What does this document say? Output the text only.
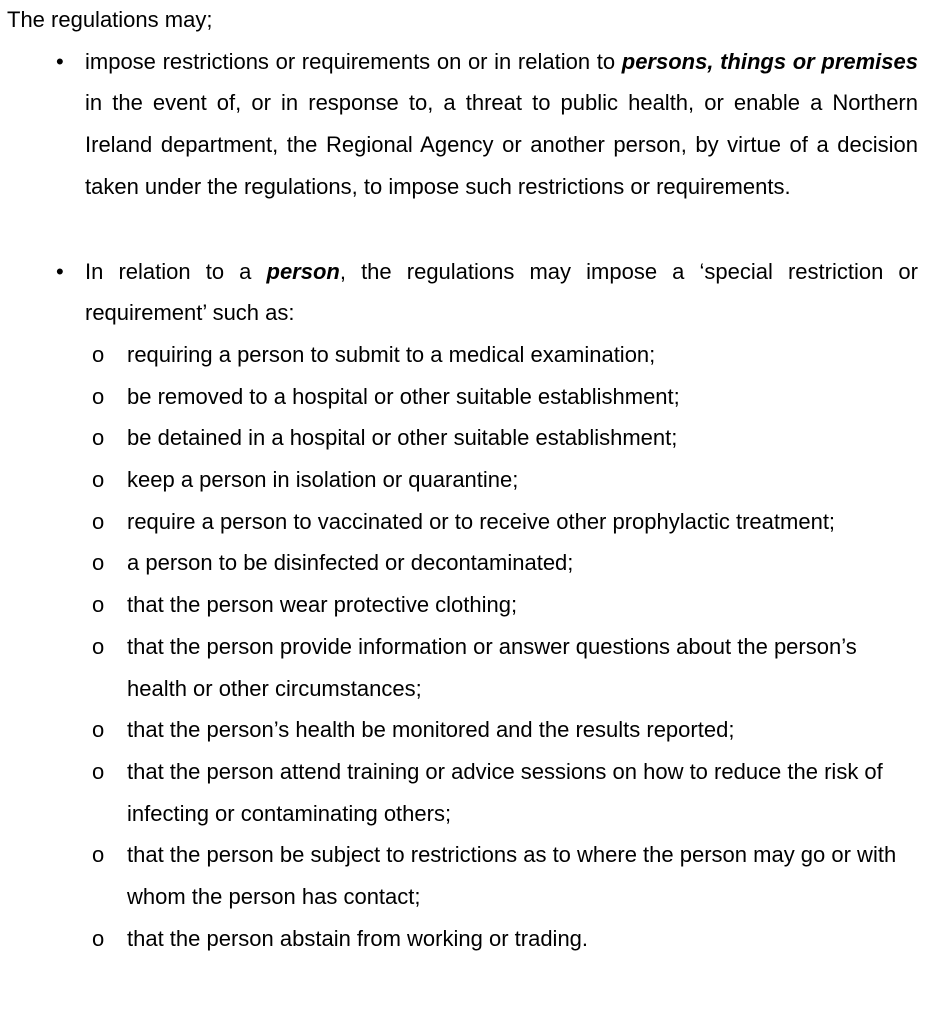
The regulations may;

• impose restrictions or requirements on or in relation to persons, things or premises in the event of, or in response to, a threat to public health, or enable a Northern Ireland department, the Regional Agency or another person, by virtue of a decision taken under the regulations, to impose such restrictions or requirements.

• In relation to a person, the regulations may impose a ‘special restriction or requirement’ such as:

o requiring a person to submit to a medical examination;

o be removed to a hospital or other suitable establishment;

o be detained in a hospital or other suitable establishment;

o keep a person in isolation or quarantine;

o require a person to vaccinated or to receive other prophylactic treatment;

o a person to be disinfected or decontaminated;

o that the person wear protective clothing;

o that the person provide information or answer questions about the person’s health or other circumstances;

o that the person’s health be monitored and the results reported;

o that the person attend training or advice sessions on how to reduce the risk of infecting or contaminating others;

o that the person be subject to restrictions as to where the person may go or with whom the person has contact;

o that the person abstain from working or trading.
